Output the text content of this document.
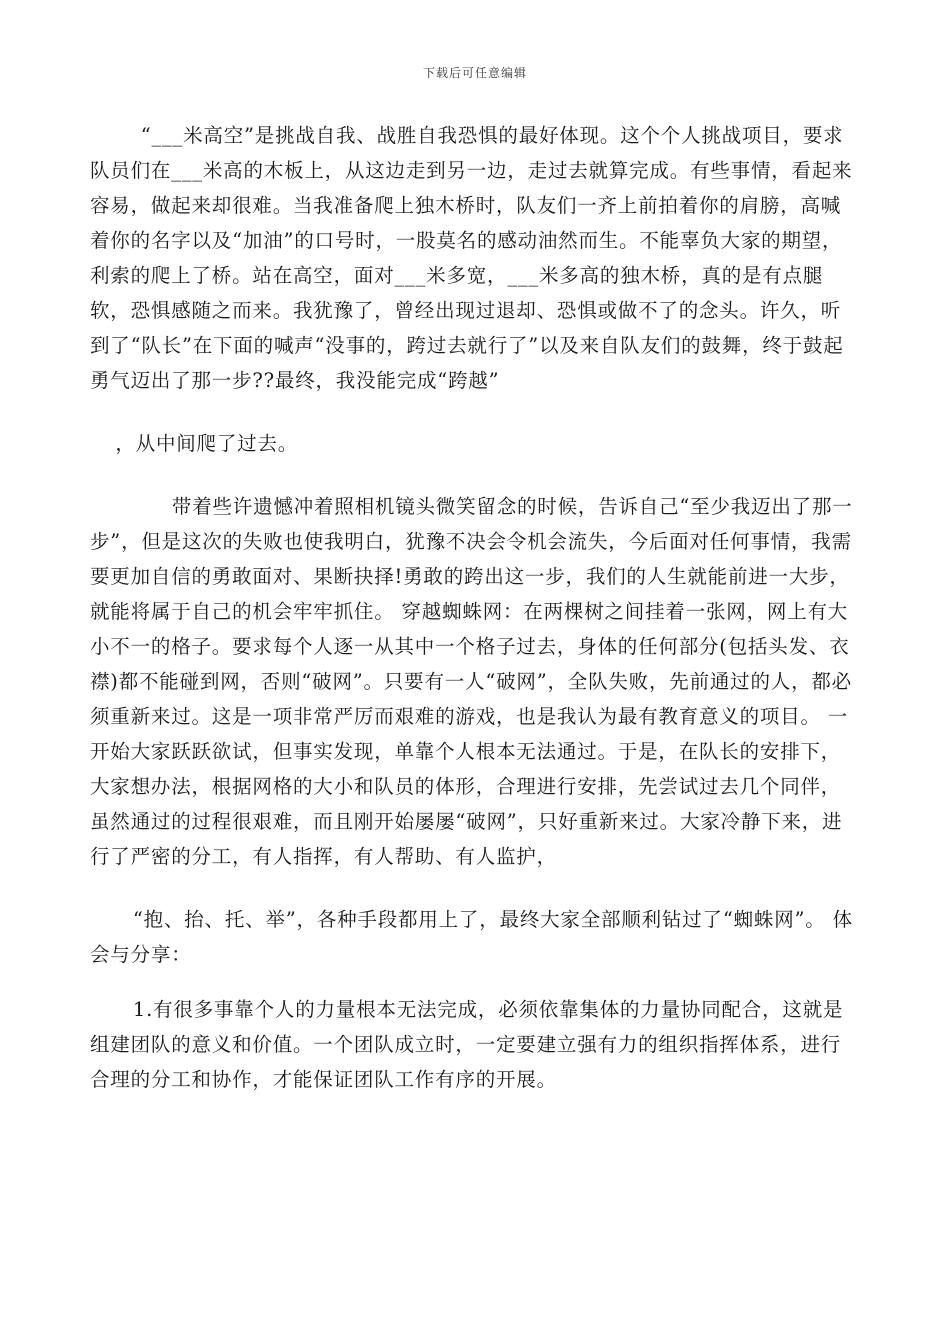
下载后可任意编辑

“___米高空”是挑战自我、战胜自我恐惧的最好体现。这个个人挑战项目，要求队员们在___米高的木板上，从这边走到另一边，走过去就算完成。有些事情，看起来容易，做起来却很难。当我准备爬上独木桥时，队友们一齐上前拍着你的肩膀，高喊着你的名字以及“加油”的口号时，一股莫名的感动油然而生。不能辜负大家的期望，利索的爬上了桥。站在高空，面对___米多宽，___米多高的独木桥，真的是有点腿软，恐惧感随之而来。我犹豫了，曾经出现过退却、恐惧或做不了的念头。许久，听到了“队长”在下面的喊声“没事的，跨过去就行了”以及来自队友们的鼓舞，终于鼓起勇气迈出了那一步??最终，我没能完成“跨越”

，从中间爬了过去。

带着些许遗憾冲着照相机镜头微笑留念的时候，告诉自己“至少我迈出了那一步”，但是这次的失败也使我明白，犹豫不决会令机会流失，今后面对任何事情，我需要更加自信的勇敢面对、果断抉择!勇敢的跨出这一步，我们的人生就能前进一大步，就能将属于自己的机会牢牢抓住。 穿越蜘蛛网：在两棵树之间挂着一张网，网上有大小不一的格子。要求每个人逐一从其中一个格子过去，身体的任何部分(包括头发、衣襟)都不能碰到网，否则“破网”。只要有一人“破网”，全队失败，先前通过的人，都必须重新来过。这是一项非常严厉而艰难的游戏，也是我认为最有教育意义的项目。 一开始大家跃跃欲试，但事实发现，单靠个人根本无法通过。于是，在队长的安排下，大家想办法，根据网格的大小和队员的体形，合理进行安排，先尝试过去几个同伴，虽然通过的过程很艰难，而且刚开始屡屡“破网”，只好重新来过。大家冷静下来，进行了严密的分工，有人指挥，有人帮助、有人监护，

“抱、抬、托、举”，各种手段都用上了，最终大家全部顺利钻过了“蜘蛛网”。 体会与分享：

1.有很多事靠个人的力量根本无法完成，必须依靠集体的力量协同配合，这就是组建团队的意义和价值。一个团队成立时，一定要建立强有力的组织指挥体系，进行合理的分工和协作，才能保证团队工作有序的开展。
